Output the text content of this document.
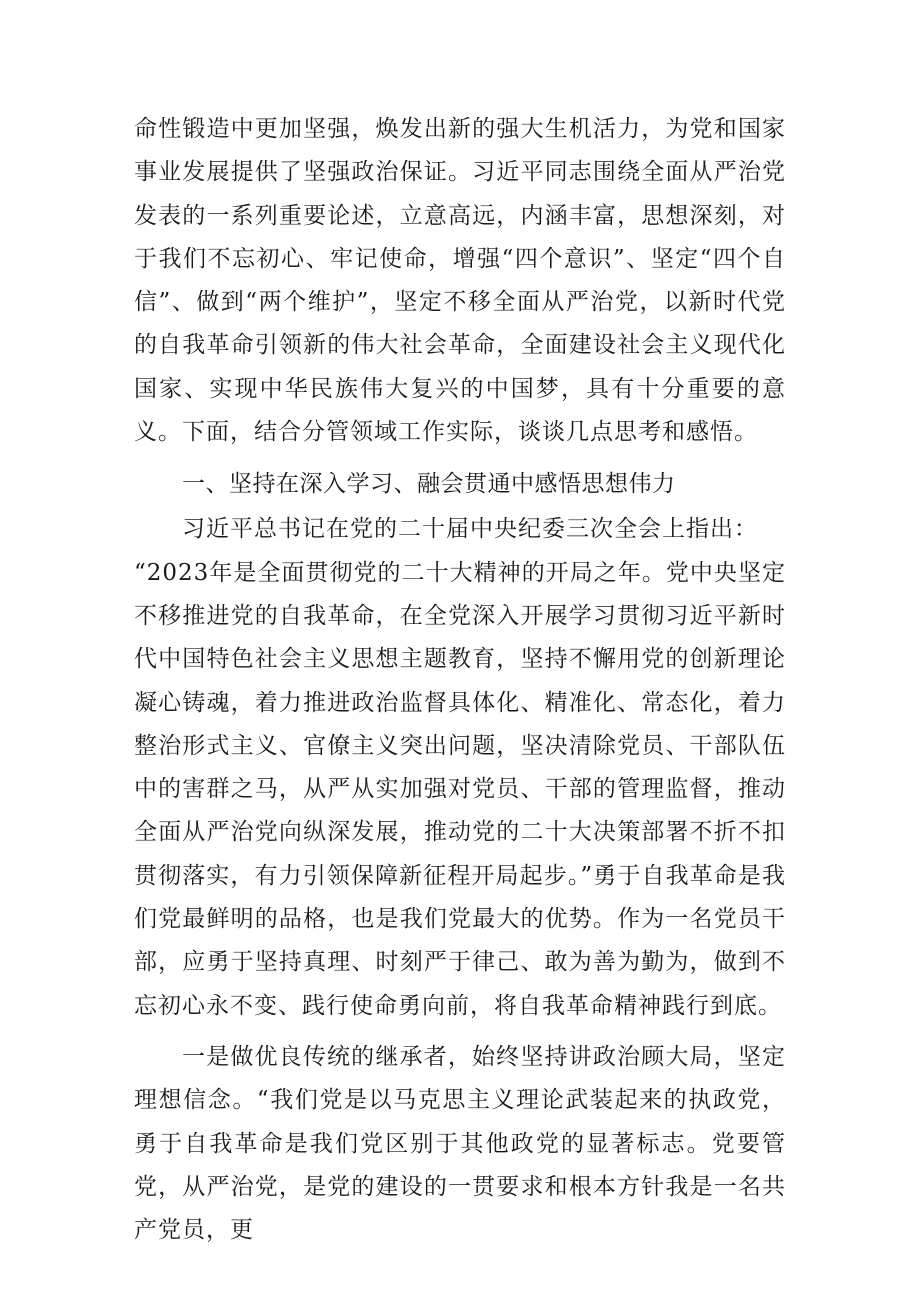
命性锻造中更加坚强，焕发出新的强大生机活力，为党和国家事业发展提供了坚强政治保证。习近平同志围绕全面从严治党发表的一系列重要论述，立意高远，内涵丰富，思想深刻，对于我们不忘初心、牢记使命，增强“四个意识”、坚定“四个自信”、做到“两个维护”，坚定不移全面从严治党，以新时代党的自我革命引领新的伟大社会革命，全面建设社会主义现代化国家、实现中华民族伟大复兴的中国梦，具有十分重要的意义。下面，结合分管领域工作实际，谈谈几点思考和感悟。

一、坚持在深入学习、融会贯通中感悟思想伟力

习近平总书记在党的二十届中央纪委三次全会上指出：

“2023年是全面贯彻党的二十大精神的开局之年。党中央坚定不移推进党的自我革命，在全党深入开展学习贯彻习近平新时代中国特色社会主义思想主题教育，坚持不懈用党的创新理论凝心铸魂，着力推进政治监督具体化、精准化、常态化，着力整治形式主义、官僚主义突出问题，坚决清除党员、干部队伍中的害群之马，从严从实加强对党员、干部的管理监督，推动全面从严治党向纵深发展，推动党的二十大决策部署不折不扣贯彻落实，有力引领保障新征程开局起步。”勇于自我革命是我们党最鲜明的品格，也是我们党最大的优势。作为一名党员干部，应勇于坚持真理、时刻严于律己、敢为善为勤为，做到不忘初心永不变、践行使命勇向前，将自我革命精神践行到底。

一是做优良传统的继承者，始终坚持讲政治顾大局，坚定理想信念。“我们党是以马克思主义理论武装起来的执政党，勇于自我革命是我们党区别于其他政党的显著标志。党要管党，从严治党，是党的建设的一贯要求和根本方针我是一名共产党员，更
